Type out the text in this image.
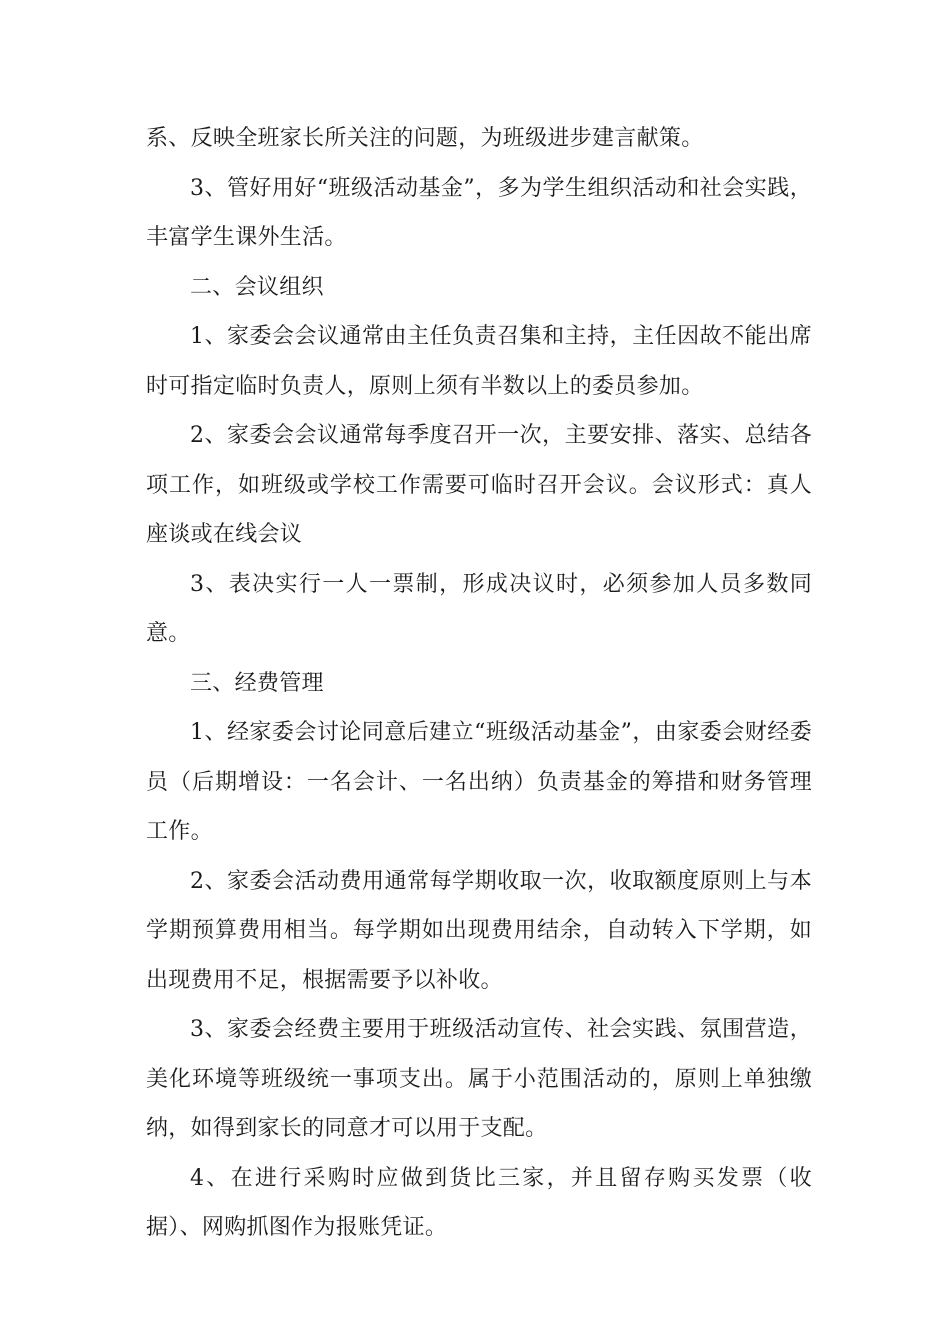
系、反映全班家长所关注的问题，为班级进步建言献策。

3、管好用好“班级活动基金”，多为学生组织活动和社会实践，丰富学生课外生活。

二、会议组织

1、家委会会议通常由主任负责召集和主持，主任因故不能出席时可指定临时负责人，原则上须有半数以上的委员参加。

2、家委会会议通常每季度召开一次，主要安排、落实、总结各项工作，如班级或学校工作需要可临时召开会议。会议形式：真人座谈或在线会议

3、表决实行一人一票制，形成决议时，必须参加人员多数同意。

三、经费管理

1、经家委会讨论同意后建立“班级活动基金”，由家委会财经委员（后期增设：一名会计、一名出纳）负责基金的筹措和财务管理工作。

2、家委会活动费用通常每学期收取一次，收取额度原则上与本学期预算费用相当。每学期如出现费用结余，自动转入下学期，如出现费用不足，根据需要予以补收。

3、家委会经费主要用于班级活动宣传、社会实践、氛围营造，美化环境等班级统一事项支出。属于小范围活动的，原则上单独缴纳，如得到家长的同意才可以用于支配。

4、在进行采购时应做到货比三家，并且留存购买发票（收据）、网购抓图作为报账凭证。
